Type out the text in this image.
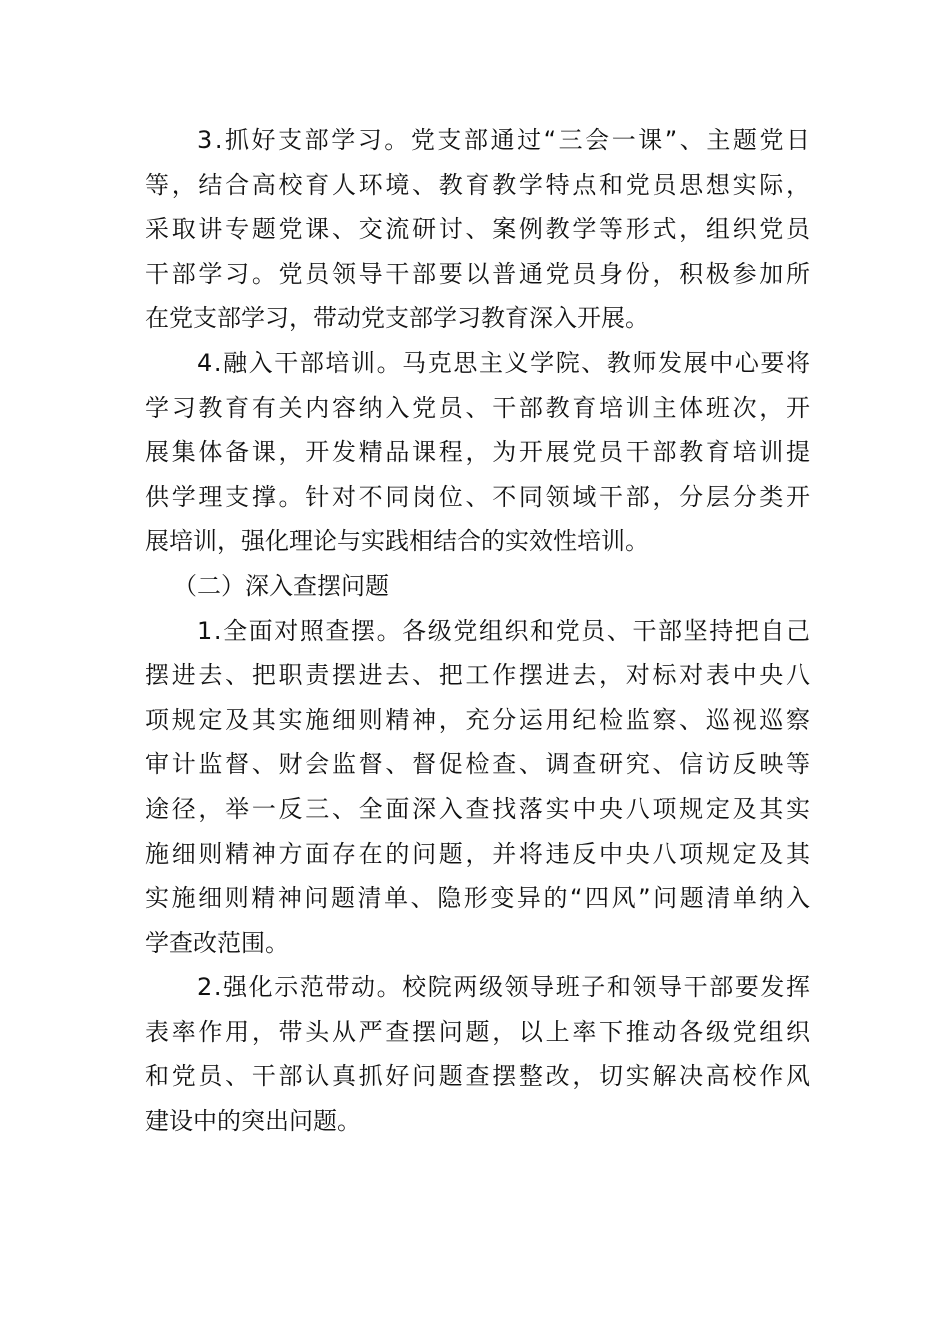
3.抓好支部学习。党支部通过“三会一课”、主题党日
等，结合高校育人环境、教育教学特点和党员思想实际，
采取讲专题党课、交流研讨、案例教学等形式，组织党员
干部学习。党员领导干部要以普通党员身份，积极参加所
在党支部学习，带动党支部学习教育深入开展。
4.融入干部培训。马克思主义学院、教师发展中心要将
学习教育有关内容纳入党员、干部教育培训主体班次，开
展集体备课，开发精品课程，为开展党员干部教育培训提
供学理支撑。针对不同岗位、不同领域干部，分层分类开
展培训，强化理论与实践相结合的实效性培训。
（二）深入查摆问题
1.全面对照查摆。各级党组织和党员、干部坚持把自己
摆进去、把职责摆进去、把工作摆进去，对标对表中央八
项规定及其实施细则精神，充分运用纪检监察、巡视巡察
审计监督、财会监督、督促检查、调查研究、信访反映等
途径，举一反三、全面深入查找落实中央八项规定及其实
施细则精神方面存在的问题，并将违反中央八项规定及其
实施细则精神问题清单、隐形变异的“四风”问题清单纳入
学查改范围。
2.强化示范带动。校院两级领导班子和领导干部要发挥
表率作用，带头从严查摆问题，以上率下推动各级党组织
和党员、干部认真抓好问题查摆整改，切实解决高校作风
建设中的突出问题。
